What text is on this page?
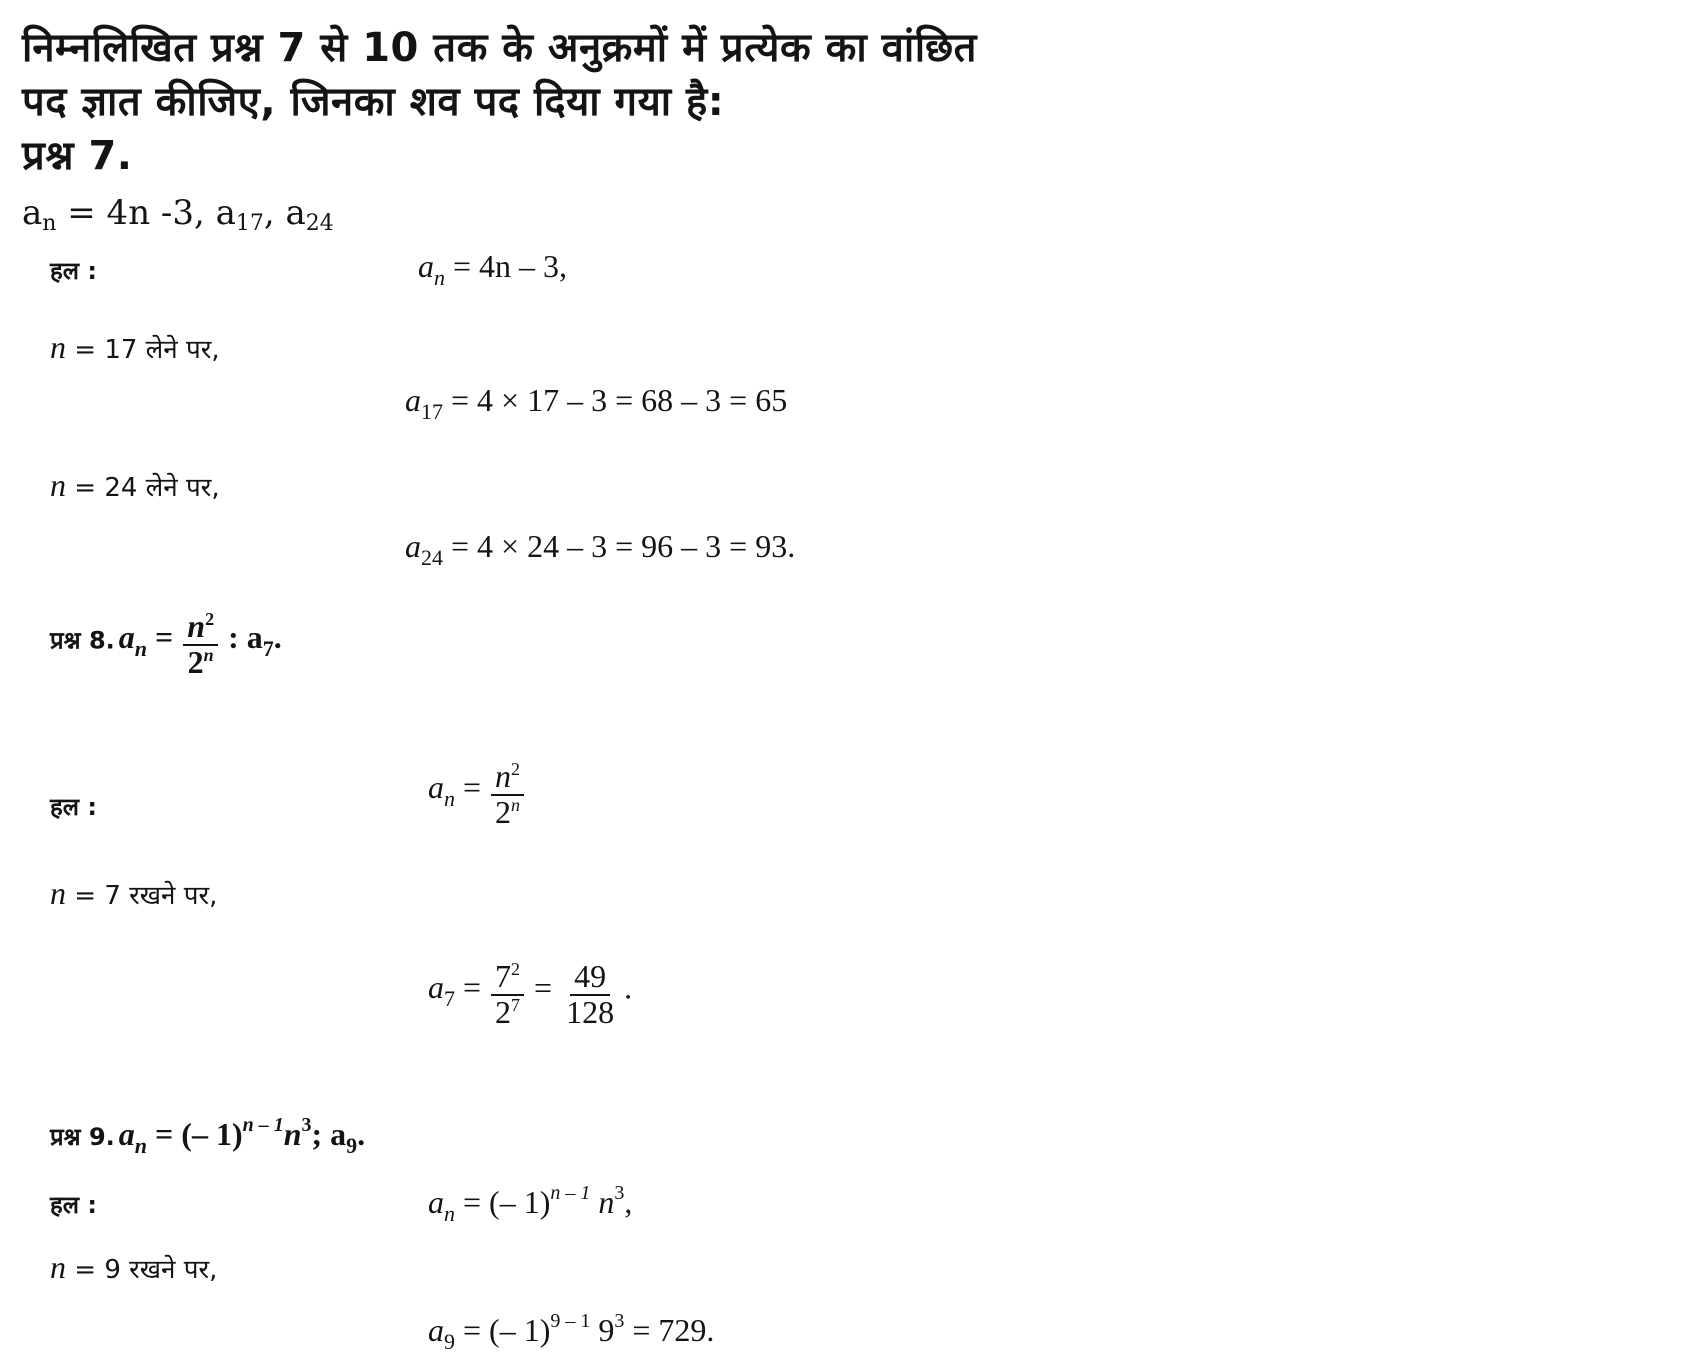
निम्नलिखित प्रश्न 7 से 10 तक के अनुक्रमों में प्रत्येक का वांछित
पद ज्ञात कीजिए, जिनका शव पद दिया गया है:
प्रश्न 7.
$a_n = 4n$ -3, $a_{17}$, $a_{24}$
हल :	$a_n = 4n - 3$,
n = 17 लेने पर,
$a_{17} = 4 \times 17 - 3 = 68 - 3 = 65$
n = 24 लेने पर,
$a_{24} = 4 \times 24 - 3 = 96 - 3 = 93$.
प्रश्न 8. $a_n = \frac{n^2}{2^n}$ : $a_7$.
हल :
$a_n = \frac{n^2}{2^n}$
n = 7 रखने पर,
$a_7 = \frac{7^2}{2^7} = \frac{49}{128}$ .
प्रश्न 9. $a_n$ = (– $1)^{n - 1}n^3$; $a_9$.
हल :	$a_n$ = (– 1)$^{n - 1}$ $n^3$,
n = 9 रखने पर,
$a_9$ = (– 1)$^{9 - 1}$ $9^3 = 729$.
